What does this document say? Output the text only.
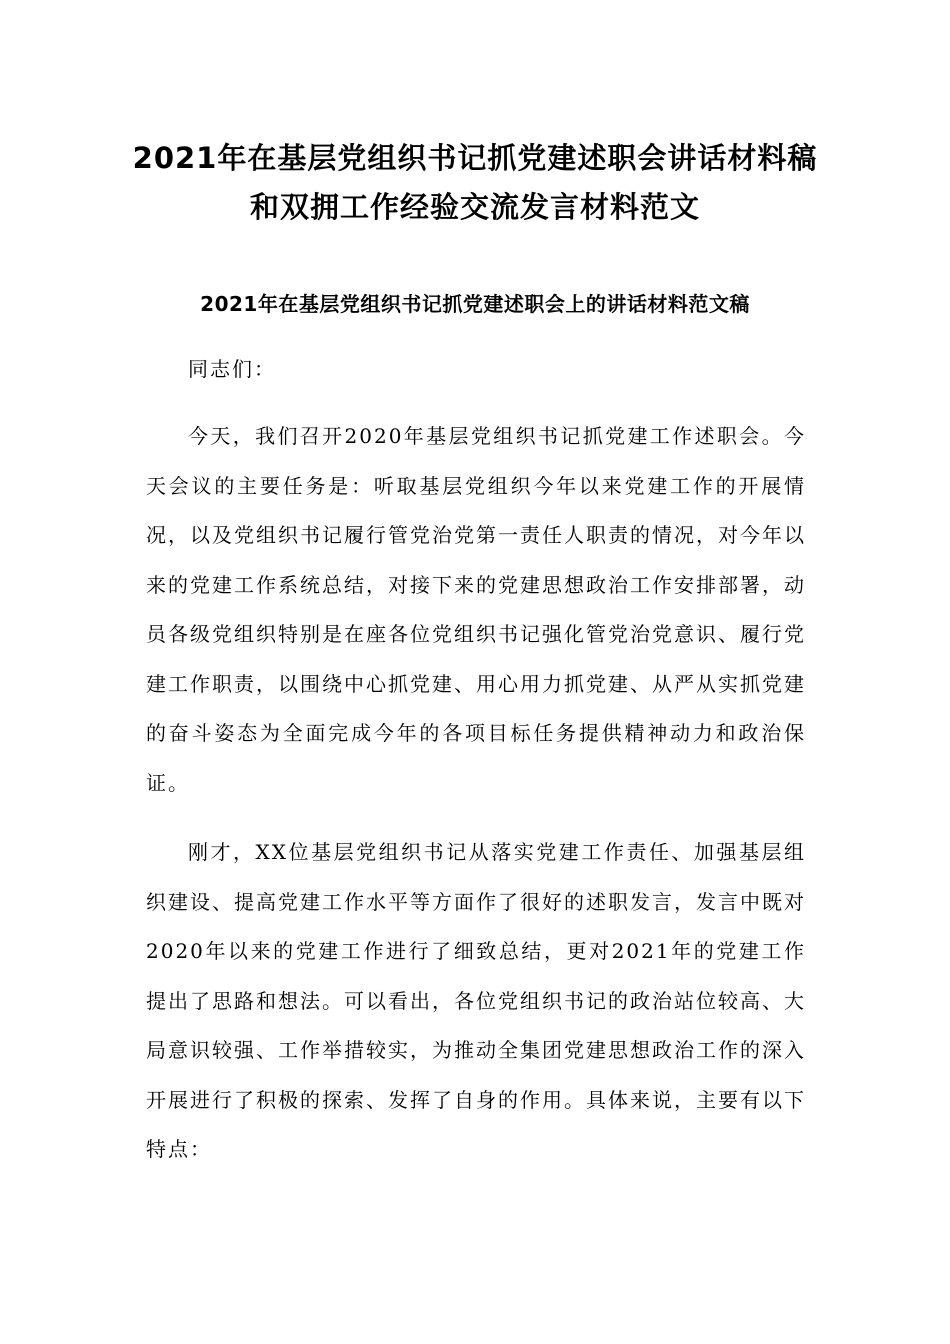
2021年在基层党组织书记抓党建述职会讲话材料稿
和双拥工作经验交流发言材料范文
2021年在基层党组织书记抓党建述职会上的讲话材料范文稿

同志们：

今天，我们召开2020年基层党组织书记抓党建工作述职会。今天会议的主要任务是：听取基层党组织今年以来党建工作的开展情况，以及党组织书记履行管党治党第一责任人职责的情况，对今年以来的党建工作系统总结，对接下来的党建思想政治工作安排部署，动员各级党组织特别是在座各位党组织书记强化管党治党意识、履行党建工作职责，以围绕中心抓党建、用心用力抓党建、从严从实抓党建的奋斗姿态为全面完成今年的各项目标任务提供精神动力和政治保证。

刚才，XX位基层党组织书记从落实党建工作责任、加强基层组织建设、提高党建工作水平等方面作了很好的述职发言，发言中既对2020年以来的党建工作进行了细致总结，更对2021年的党建工作提出了思路和想法。可以看出，各位党组织书记的政治站位较高、大局意识较强、工作举措较实，为推动全集团党建思想政治工作的深入开展进行了积极的探索、发挥了自身的作用。具体来说，主要有以下特点：
